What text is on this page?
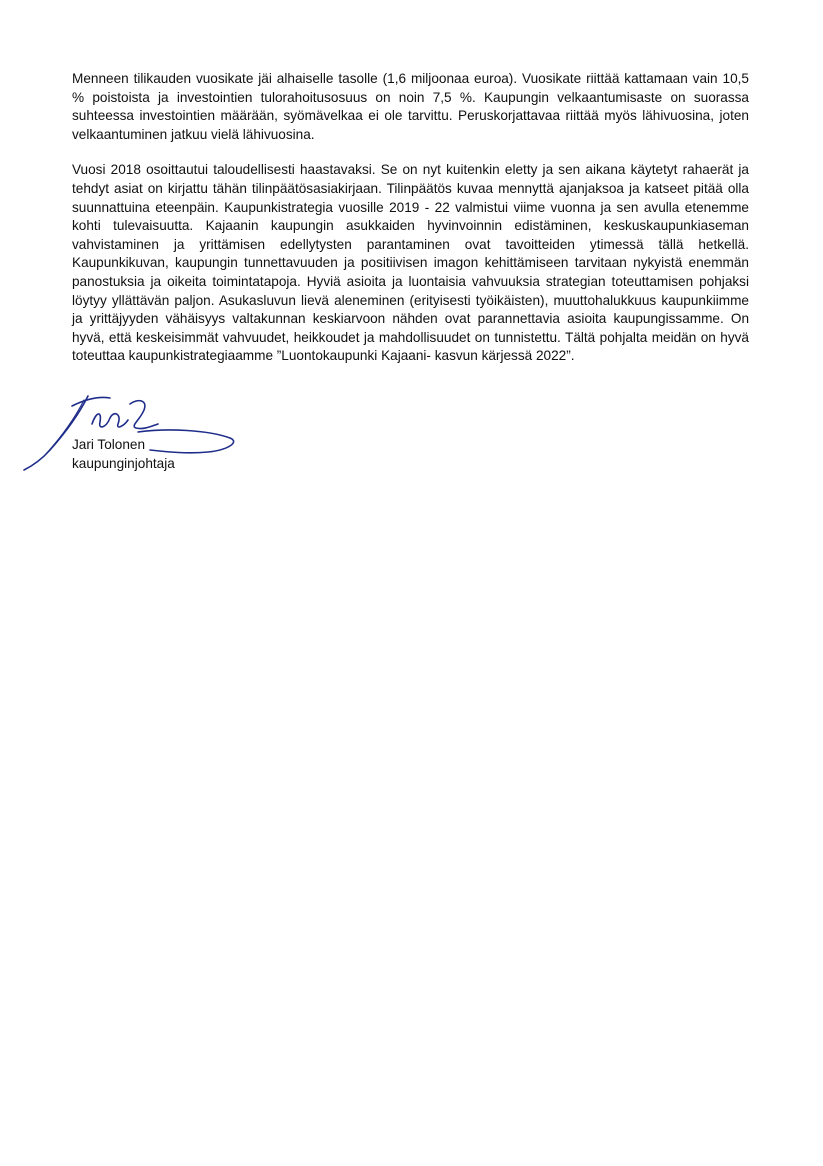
Menneen tilikauden vuosikate jäi alhaiselle tasolle (1,6 miljoonaa euroa). Vuosikate riittää kattamaan vain 10,5 % poistoista ja investointien tulorahoitusosuus on noin 7,5 %. Kaupungin velkaantumisaste on suorassa suhteessa investointien määrään, syömävelkaa ei ole tarvittu. Peruskorjattavaa riittää myös lähivuosina, joten velkaantuminen jatkuu vielä lähivuosina.

Vuosi 2018 osoittautui taloudellisesti haastavaksi. Se on nyt kuitenkin eletty ja sen aikana käytetyt rahaerät ja tehdyt asiat on kirjattu tähän tilinpäätösasiakirjaan. Tilinpäätös kuvaa mennyttä ajanjaksoa ja katseet pitää olla suunnattuina eteenpäin. Kaupunkistrategia vuosille 2019 - 22 valmistui viime vuonna ja sen avulla etenemme kohti tulevaisuutta. Kajaanin kaupungin asukkaiden hyvinvoinnin edistäminen, keskuskaupunkiaseman vahvistaminen ja yrittämisen edellytysten parantaminen ovat tavoitteiden ytimessä tällä hetkellä. Kaupunkikuvan, kaupungin tunnettavuuden ja positiivisen imagon kehittämiseen tarvitaan nykyistä enemmän panostuksia ja oikeita toimintatapoja. Hyviä asioita ja luontaisia vahvuuksia strategian toteuttamisen pohjaksi löytyy yllättävän paljon. Asukasluvun lievä aleneminen (erityisesti työikäisten), muuttohalukkuus kaupunkiimme ja yrittäjyyden vähäisyys valtakunnan keskiarvoon nähden ovat parannettavia asioita kaupungissamme. On hyvä, että keskeisimmät vahvuudet, heikkoudet ja mahdollisuudet on tunnistettu. Tältä pohjalta meidän on hyvä toteuttaa kaupunkistrategiaamme ”Luontokaupunki Kajaani- kasvun kärjessä 2022”.

Jari Tolonen
kaupunginjohtaja
